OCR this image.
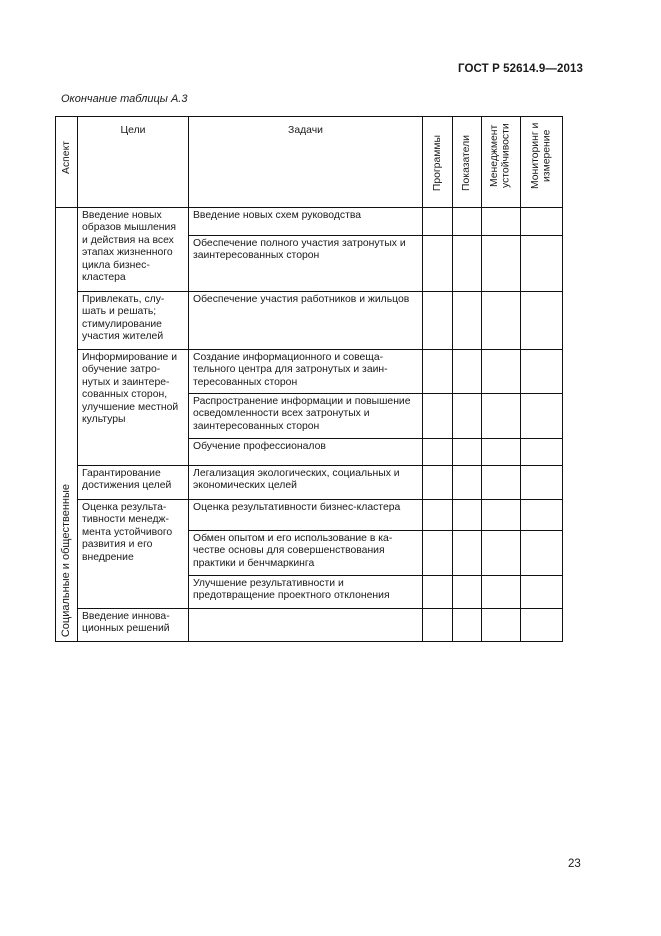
ГОСТ Р 52614.9—2013
Окончание таблицы А.3
Аспект	Цели	Задачи	Программы	Показатели	Менеджмент устойчивости	Мониторинг и измерение

Социальные и общественные	Введение новых образов мышления и действия на всех этапах жизненного цикла бизнес-кластера	Введение новых схем руководства				
		Обеспечение полного участия затронутых и заинтересованных сторон				
	Привлекать, слушать и решать; стимулирование участия жителей	Обеспечение участия работников и жильцов				
	Информирование и обучение затронутых и заинтересованных сторон, улучшение местной культуры	Создание информационного и совещательного центра для затронутых и заинтересованных сторон				
		Распространение информации и повышение осведомленности всех затронутых и заинтересованных сторон				
		Обучение профессионалов				
	Гарантирование достижения целей	Легализация экологических, социальных и экономических целей				
	Оценка результативности менеджмента устойчивого развития и его внедрение	Оценка результативности бизнес-кластера				
		Обмен опытом и его использование в качестве основы для совершенствования практики и бенчмаркинга				
		Улучшение результативности и предотвращение проектного отклонения				
	Введение инновационных решений					
23
